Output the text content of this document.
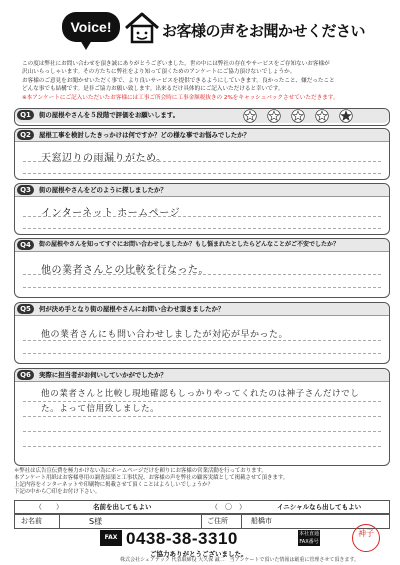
Voice!	お客様の声をお聞かせください

この度は弊社にお問い合わせを頂き誠にありがとうございました。世の中には弊社の存在やサービスをご存知ないお客様が

沢山いらっしゃいます。その方たちに弊社をより知って頂くためのアンケートにご協力頂けないでしょうか。

お客様のご意見をお聞かせいただく事で、より良いサービスを提供できるようにしていきます。良かったこと、嫌だったこと

どんな事でも結構です。是非ご協力お願い致します。出来るだけ具体的にご記入いただけると幸いです。

※本アンケートにご記入いただいたお客様には工事ご所会時に工事金額税抜きの 2%をキャッシュバックさせていただきます。

Q1	街の屋根やさんを５段階で評価をお願いします。

Q2	屋根工事を検討したきっかけは何ですか？どの様な事でお悩みでしたか？
天窓辺りの雨漏りがため。
Q3	街の屋根やさんをどのように探しましたか？
インターネット ホームページ
Q4	街の屋根やさんを知ってすぐにお問い合わせしましたか？もし悩まれたとしたらどんなことがご不安でしたか？
他の業者さんとの比較を行なった。
Q5	何が決め手となり街の屋根やさんにお問い合わせ頂きましたか？
他の業者さんにも問い合わせしましたが対応が早かった。
Q6	実際に担当者がお伺いしていかがでしたか？
他の業者さんと比較し現地確認もしっかりやってくれたのは神子さんだけでした。よって信用致しました。

＊弊社は広告宣伝費を極力かけない為にホームページだけを頼りにお客様の営業活動を行っております。

本アンケート用紙はお客様専用の調査結果と工事状況、お客様の声を弊社の顧客実績として掲載させて頂きます。

上記内容をインターネットや印刷物に掲載させて頂くことはよろしいでしょうか？

下記の中から〇印をお付け下さい。

（　　）	名前を出してもよい	（　〇　）	イニシャルなら出してもよい
お名前	S様	ご住所	船橋市
FAX 0438-38-3310	本社直通 FAX番号
ご協力ありがとうございました。
株式会社シェアテック 代表取締役 大久保 誠二　当アンケートで頂いた情報は厳重に管理させて頂きます。
神子
